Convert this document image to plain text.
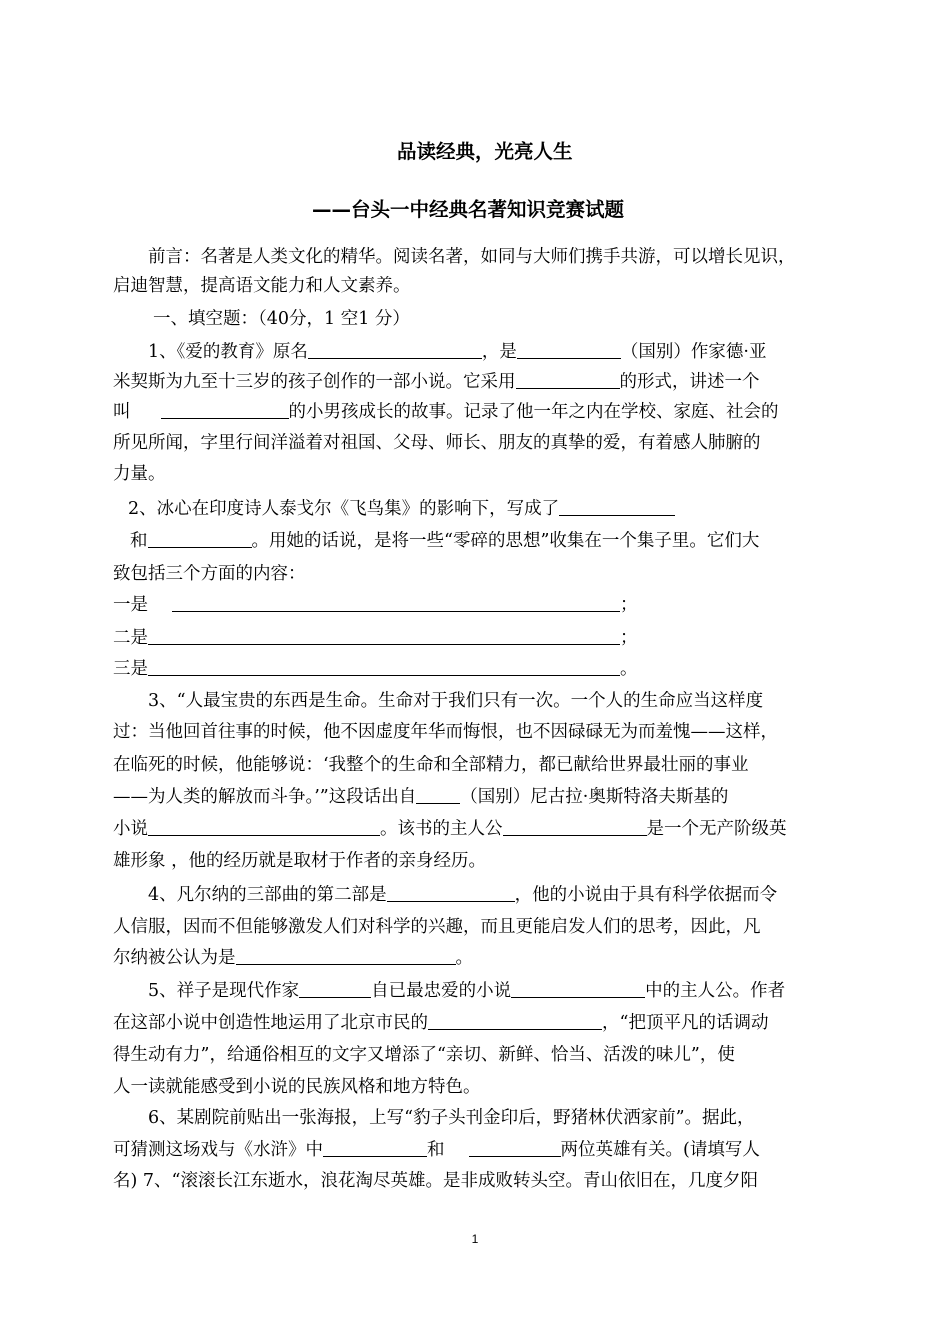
品读经典，光亮人生
——台头一中经典名著知识竞赛试题
前言：名著是人类文化的精华。阅读名著，如同与大师们携手共游，可以增长见识，
启迪智慧，提高语文能力和人文素养。
一、填空题：（40分，1 空1 分）
1、《爱的教育》原名	，是	（国别）作家德·亚
米契斯为九至十三岁的孩子创作的一部小说。它采用	的形式，讲述一个
叫	的小男孩成长的故事。记录了他一年之内在学校、家庭、社会的
所见所闻，字里行间洋溢着对祖国、父母、师长、朋友的真挚的爱，有着感人肺腑的
力量。
2、冰心在印度诗人泰戈尔《飞鸟集》的影响下，写成了
和	。用她的话说，是将一些“零碎的思想”收集在一个集子里。它们大
致包括三个方面的内容：
一是	；
二是	；
三是	。
3、“人最宝贵的东西是生命。生命对于我们只有一次。一个人的生命应当这样度
过：当他回首往事的时候，他不因虚度年华而悔恨，也不因碌碌无为而羞愧——这样，
在临死的时候，他能够说：‘我整个的生命和全部精力，都已献给世界最壮丽的事业
——为人类的解放而斗争。’”这段话出自	（国别）尼古拉·奥斯特洛夫斯基的
小说	。该书的主人公	是一个无产阶级英
雄形象 ，他的经历就是取材于作者的亲身经历。
4、凡尔纳的三部曲的第二部是	，他的小说由于具有科学依据而令
人信服，因而不但能够激发人们对科学的兴趣，而且更能启发人们的思考，因此，凡
尔纳被公认为是	。
5、祥子是现代作家	自已最忠爱的小说	中的主人公。作者
在这部小说中创造性地运用了北京市民的	，“把顶平凡的话调动
得生动有力”，给通俗相互的文字又增添了“亲切、新鲜、恰当、活泼的味儿”，使
人一读就能感受到小说的民族风格和地方特色。
6、某剧院前贴出一张海报，上写“豹子头刊金印后，野猪林伏洒家前”。据此，
可猜测这场戏与《水浒》中	和	两位英雄有关。(请填写人
名) 7、“滚滚长江东逝水，浪花淘尽英雄。是非成败转头空。青山依旧在，几度夕阳
1
